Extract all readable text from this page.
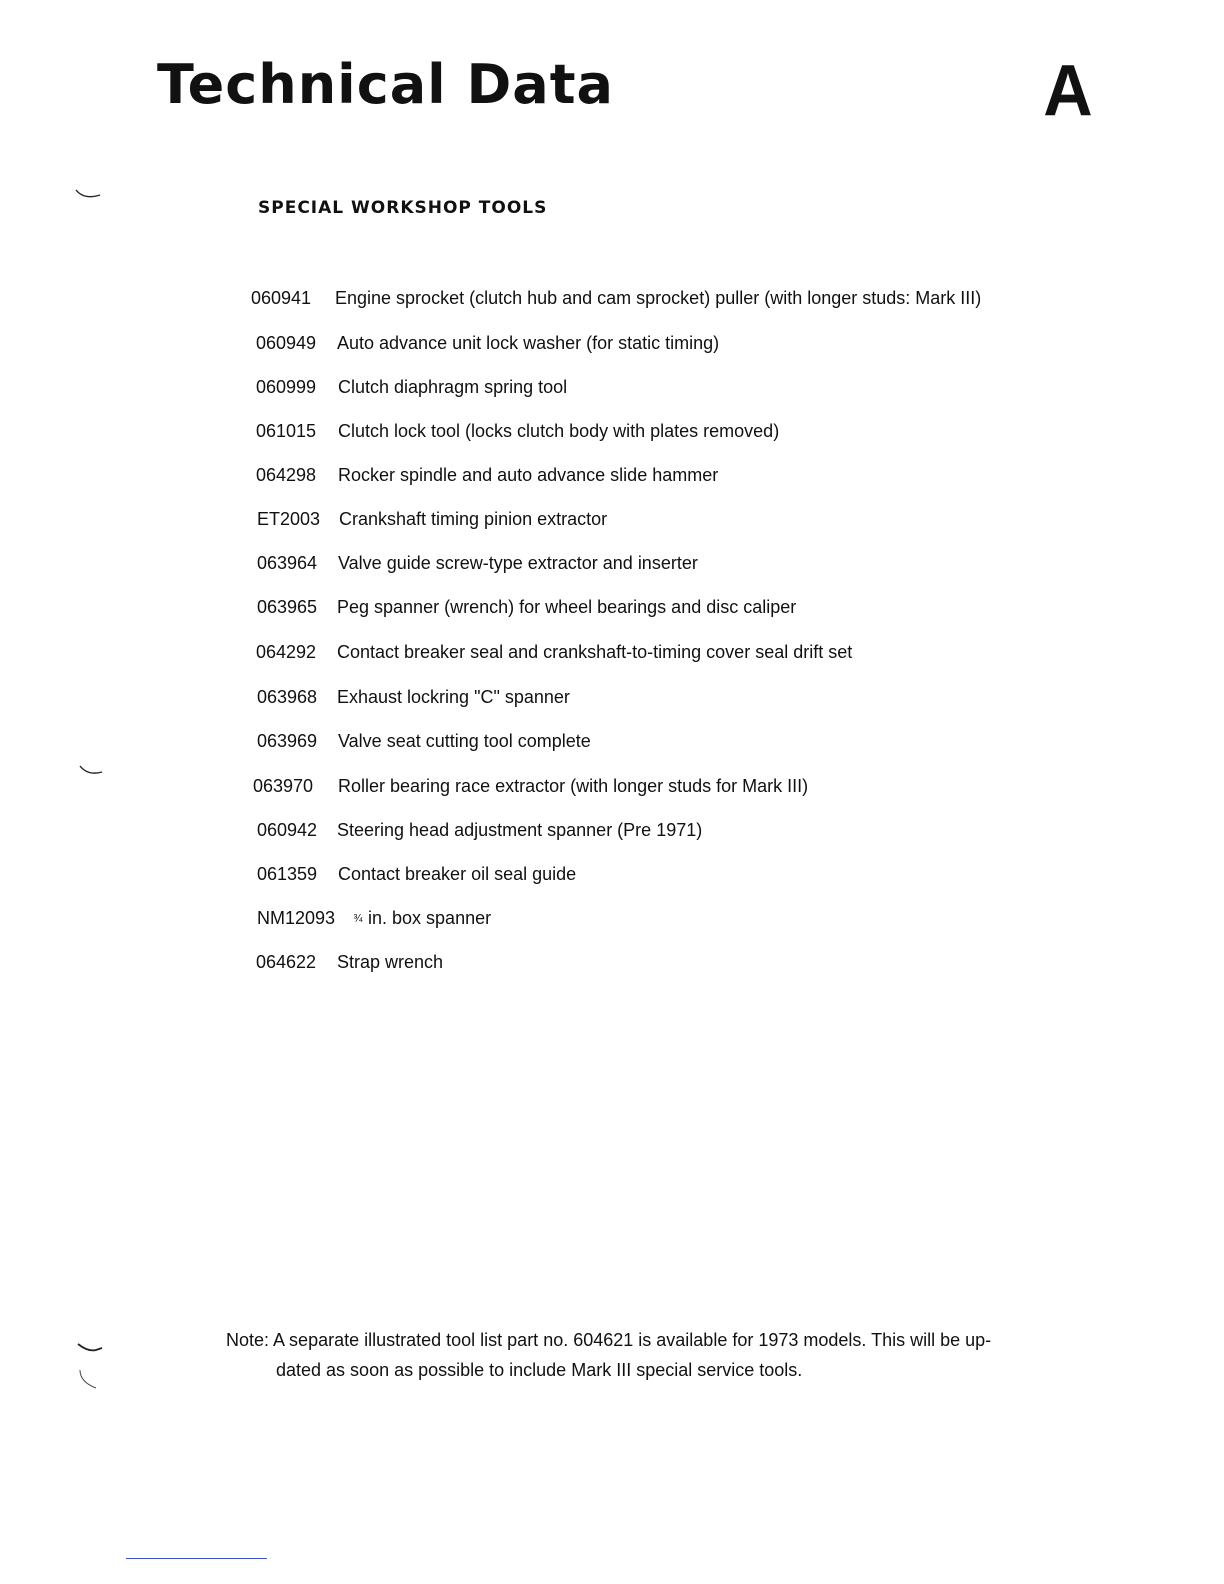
Technical Data	A
SPECIAL WORKSHOP TOOLS
060941 Engine sprocket (clutch hub and cam sprocket) puller (with longer studs: Mark III)
060949 Auto advance unit lock washer (for static timing)
060999 Clutch diaphragm spring tool
061015 Clutch lock tool (locks clutch body with plates removed)
064298 Rocker spindle and auto advance slide hammer
ET2003 Crankshaft timing pinion extractor
063964 Valve guide screw-type extractor and inserter
063965 Peg spanner (wrench) for wheel bearings and disc caliper
064292 Contact breaker seal and crankshaft-to-timing cover seal drift set
063968 Exhaust lockring "C" spanner
063969 Valve seat cutting tool complete
063970 Roller bearing race extractor (with longer studs for Mark III)
060942 Steering head adjustment spanner (Pre 1971)
061359 Contact breaker oil seal guide
NM12093 ¾ in. box spanner
064622 Strap wrench

Note: A separate illustrated tool list part no. 604621 is available for 1973 models. This will be up-
dated as soon as possible to include Mark III special service tools.
